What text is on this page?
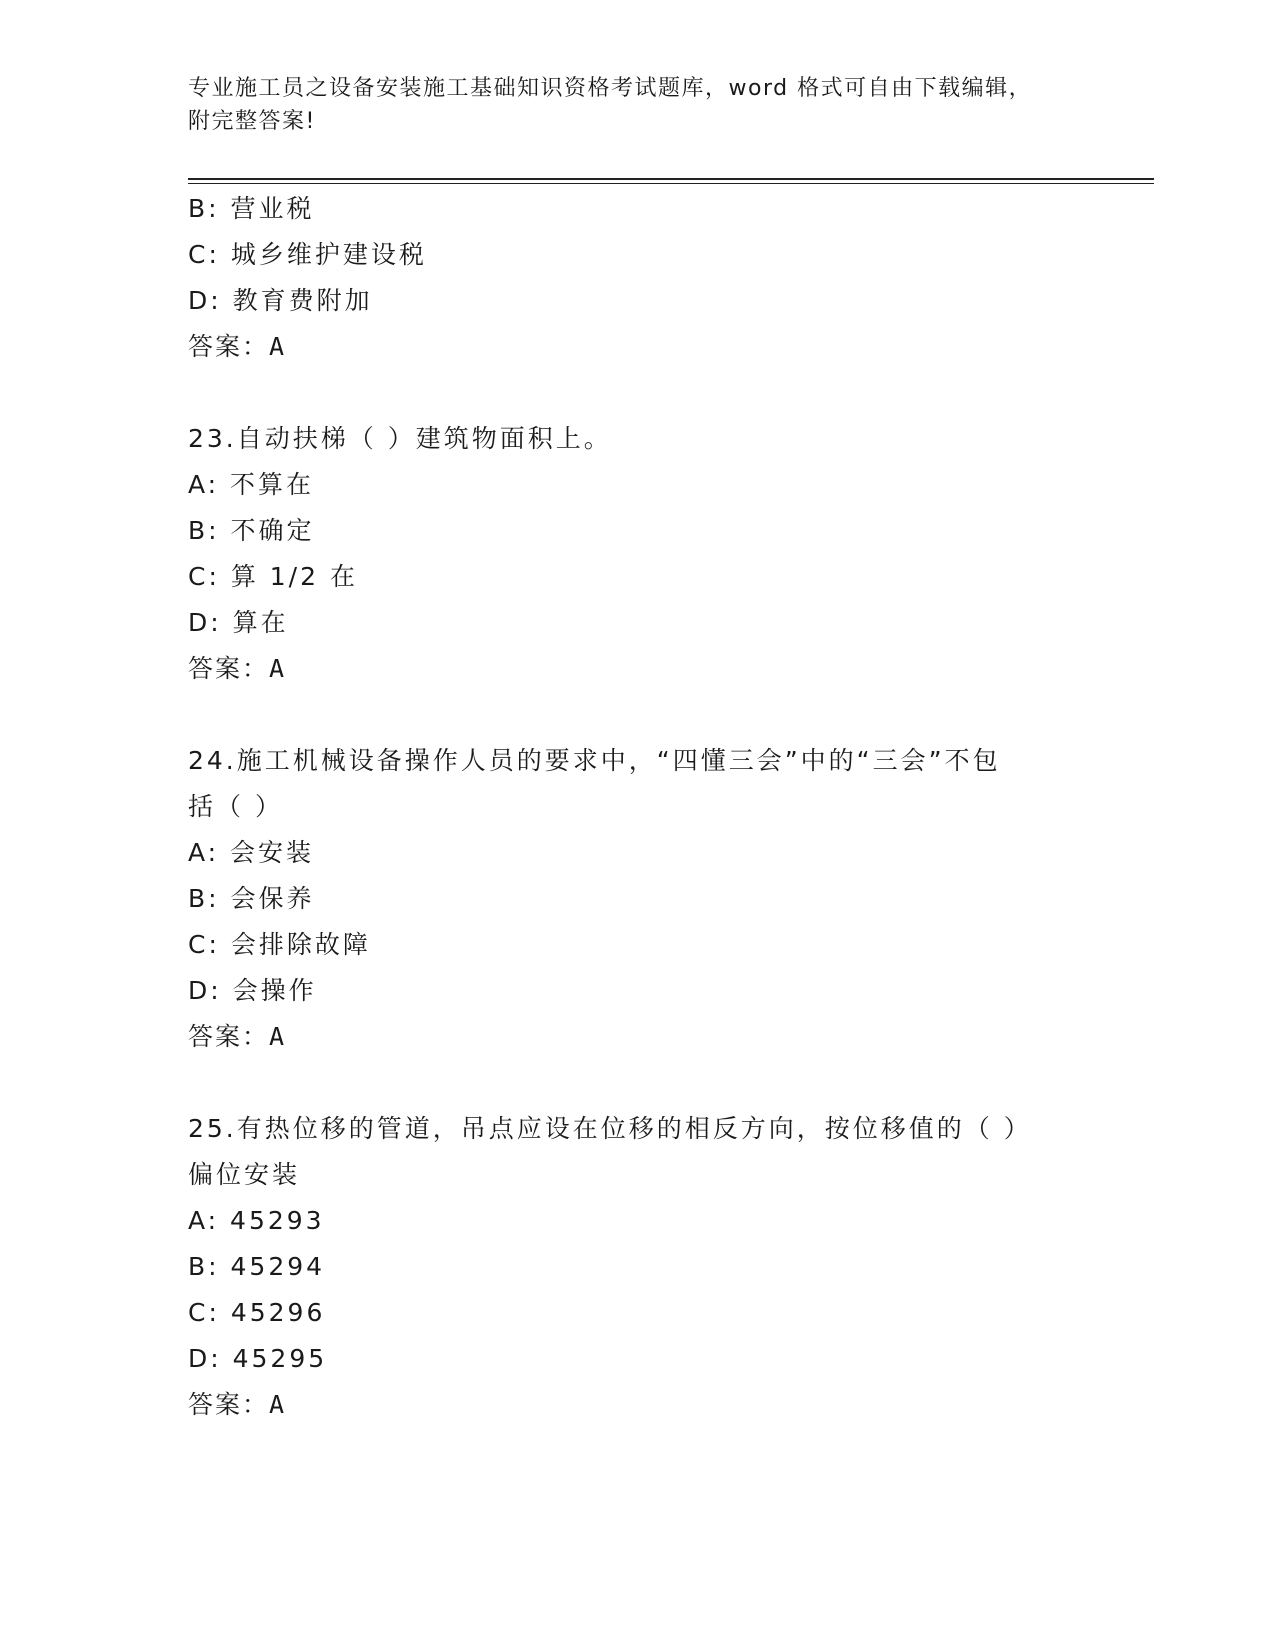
专业施工员之设备安装施工基础知识资格考试题库，word 格式可自由下载编辑，
附完整答案!
B: 营业税
C: 城乡维护建设税
D: 教育费附加
答案：A
23.自动扶梯（ ）建筑物面积上。
A: 不算在
B: 不确定
C: 算 1/2 在
D: 算在
答案：A
24.施工机械设备操作人员的要求中，“四懂三会”中的“三会”不包
括（ ）
A: 会安装
B: 会保养
C: 会排除故障
D: 会操作
答案：A
25.有热位移的管道，吊点应设在位移的相反方向，按位移值的（ ）
偏位安装
A: 45293
B: 45294
C: 45296
D: 45295
答案：A
